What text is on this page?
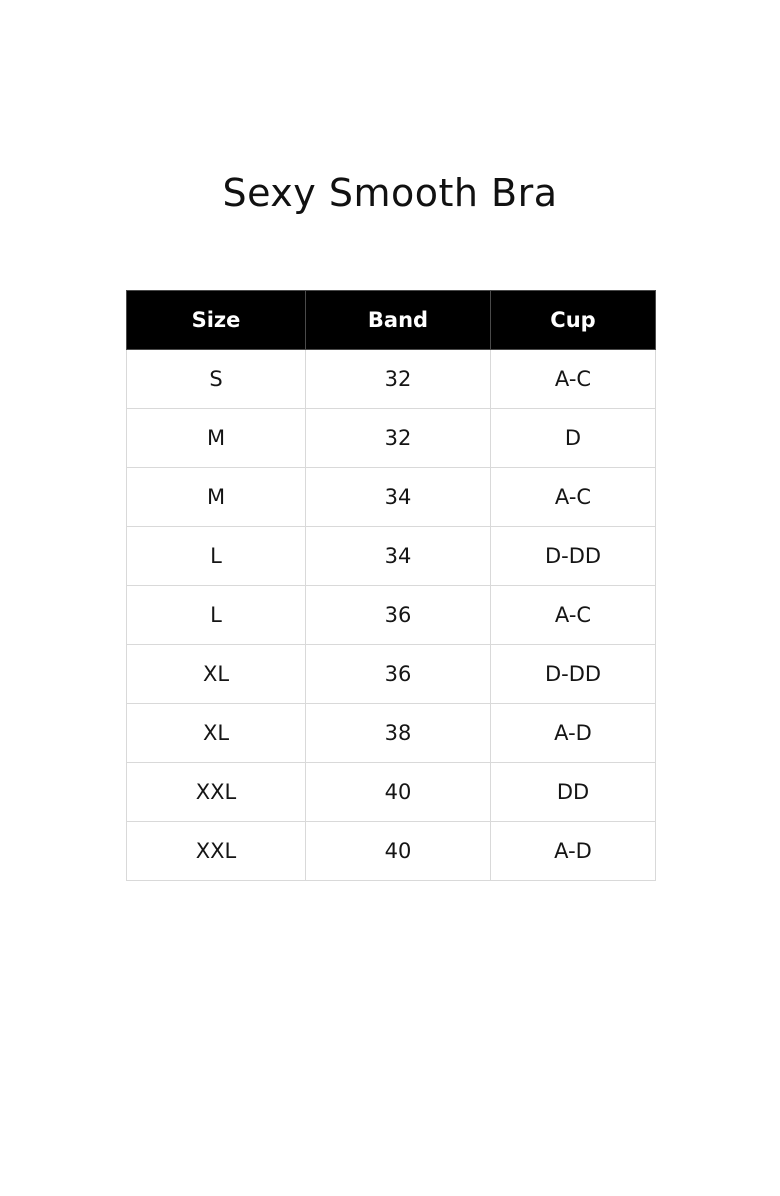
Sexy Smooth Bra
Size	Band	Cup
S	32	A-C
M	32	D
M	34	A-C
L	34	D-DD
L	36	A-C
XL	36	D-DD
XL	38	A-D
XXL	40	DD
XXL	40	A-D
